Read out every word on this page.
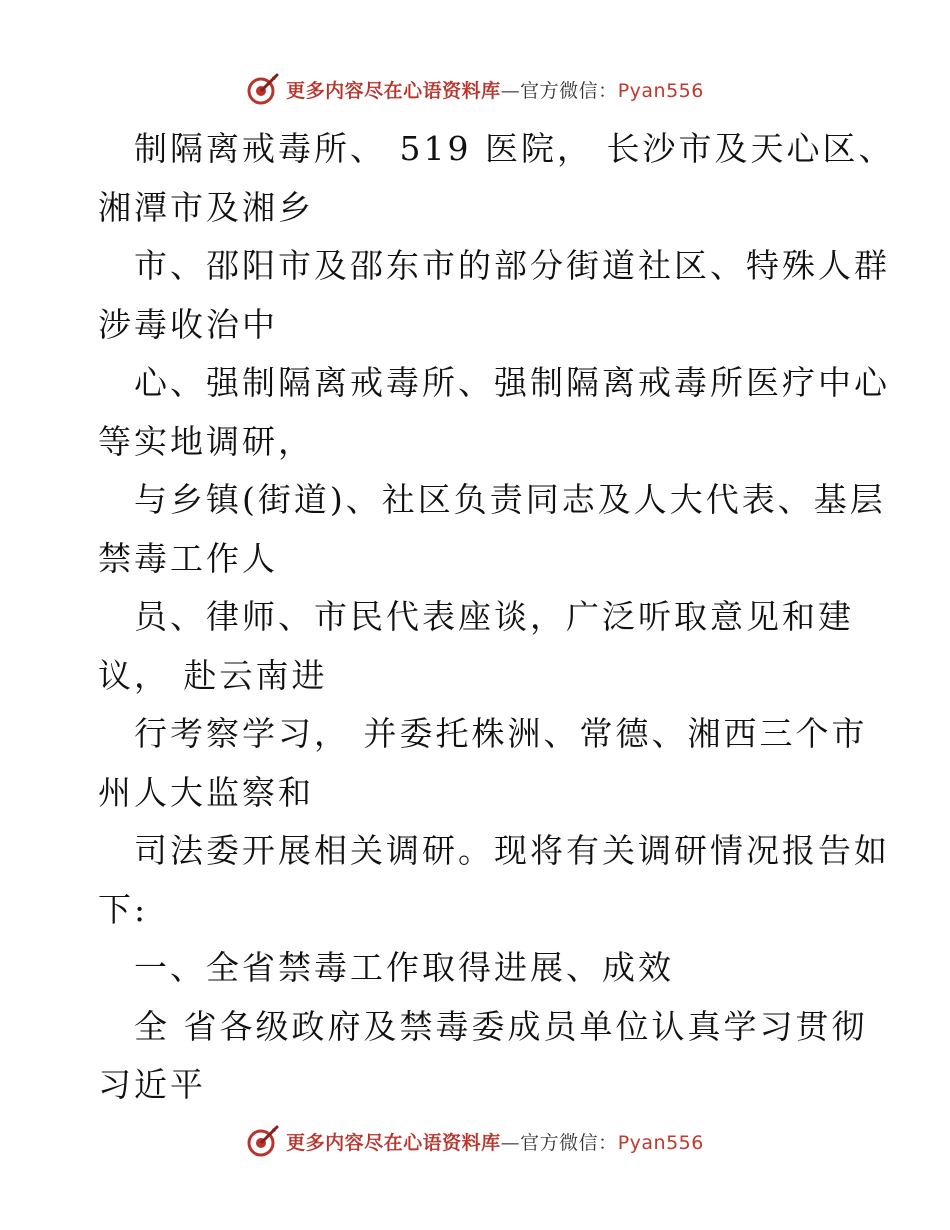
更多内容尽在心语资料库—官方微信：Pyan556
制隔离戒毒所、 519 医院， 长沙市及天心区、
湘潭市及湘乡
市、邵阳市及邵东市的部分街道社区、特殊人群
涉毒收治中
心、强制隔离戒毒所、强制隔离戒毒所医疗中心
等实地调研，
与乡镇(街道)、社区负责同志及人大代表、基层
禁毒工作人
员、律师、市民代表座谈，广泛听取意见和建
议， 赴云南进
行考察学习， 并委托株洲、常德、湘西三个市
州人大监察和
司法委开展相关调研。现将有关调研情况报告如
下:
一、全省禁毒工作取得进展、成效
全 省各级政府及禁毒委成员单位认真学习贯彻
习近平
更多内容尽在心语资料库—官方微信：Pyan556
